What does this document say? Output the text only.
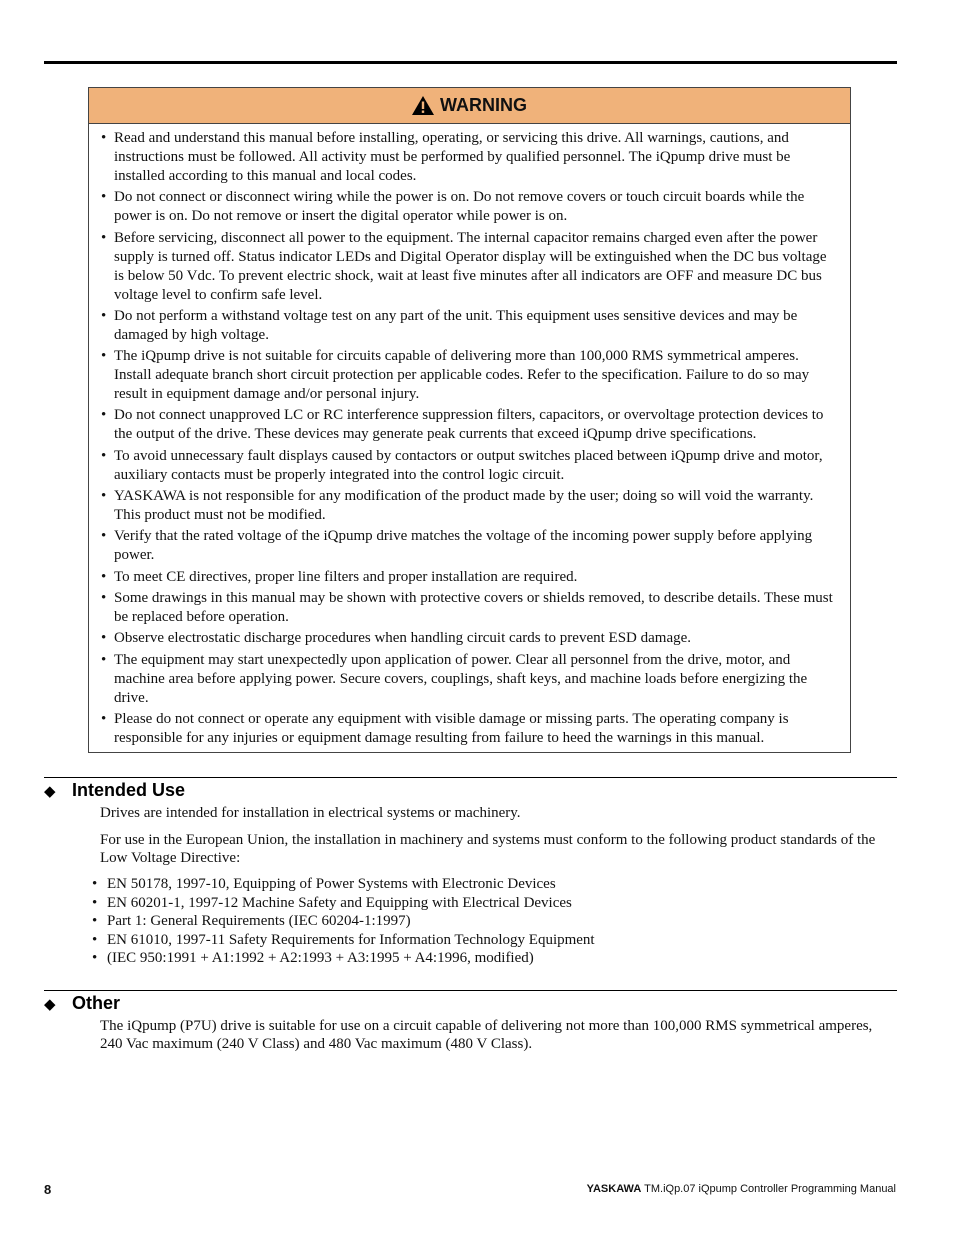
WARNING
• Read and understand this manual before installing, operating, or servicing this drive. All warnings, cautions, and instructions must be followed. All activity must be performed by qualified personnel. The iQpump drive must be installed according to this manual and local codes.
• Do not connect or disconnect wiring while the power is on. Do not remove covers or touch circuit boards while the power is on. Do not remove or insert the digital operator while power is on.
• Before servicing, disconnect all power to the equipment. The internal capacitor remains charged even after the power supply is turned off. Status indicator LEDs and Digital Operator display will be extinguished when the DC bus voltage is below 50 Vdc. To prevent electric shock, wait at least five minutes after all indicators are OFF and measure DC bus voltage level to confirm safe level.
• Do not perform a withstand voltage test on any part of the unit. This equipment uses sensitive devices and may be damaged by high voltage.
• The iQpump drive is not suitable for circuits capable of delivering more than 100,000 RMS symmetrical amperes. Install adequate branch short circuit protection per applicable codes. Refer to the specification. Failure to do so may result in equipment damage and/or personal injury.
• Do not connect unapproved LC or RC interference suppression filters, capacitors, or overvoltage protection devices to the output of the drive. These devices may generate peak currents that exceed iQpump drive specifications.
• To avoid unnecessary fault displays caused by contactors or output switches placed between iQpump drive and motor, auxiliary contacts must be properly integrated into the control logic circuit.
• YASKAWA is not responsible for any modification of the product made by the user; doing so will void the warranty. This product must not be modified.
• Verify that the rated voltage of the iQpump drive matches the voltage of the incoming power supply before applying power.
• To meet CE directives, proper line filters and proper installation are required.
• Some drawings in this manual may be shown with protective covers or shields removed, to describe details. These must be replaced before operation.
• Observe electrostatic discharge procedures when handling circuit cards to prevent ESD damage.
• The equipment may start unexpectedly upon application of power. Clear all personnel from the drive, motor, and machine area before applying power. Secure covers, couplings, shaft keys, and machine loads before energizing the drive.
• Please do not connect or operate any equipment with visible damage or missing parts. The operating company is responsible for any injuries or equipment damage resulting from failure to heed the warnings in this manual.
◆ Intended Use

Drives are intended for installation in electrical systems or machinery.

For use in the European Union, the installation in machinery and systems must conform to the following product standards of the Low Voltage Directive:

• EN 50178, 1997-10, Equipping of Power Systems with Electronic Devices
• EN 60201-1, 1997-12 Machine Safety and Equipping with Electrical Devices
• Part 1: General Requirements (IEC 60204-1:1997)
• EN 61010, 1997-11 Safety Requirements for Information Technology Equipment
• (IEC 950:1991 + A1:1992 + A2:1993 + A3:1995 + A4:1996, modified)
◆ Other

The iQpump (P7U) drive is suitable for use on a circuit capable of delivering not more than 100,000 RMS symmetrical amperes, 240 Vac maximum (240 V Class) and 480 Vac maximum (480 V Class).

8	YASKAWA TM.iQp.07 iQpump Controller Programming Manual
